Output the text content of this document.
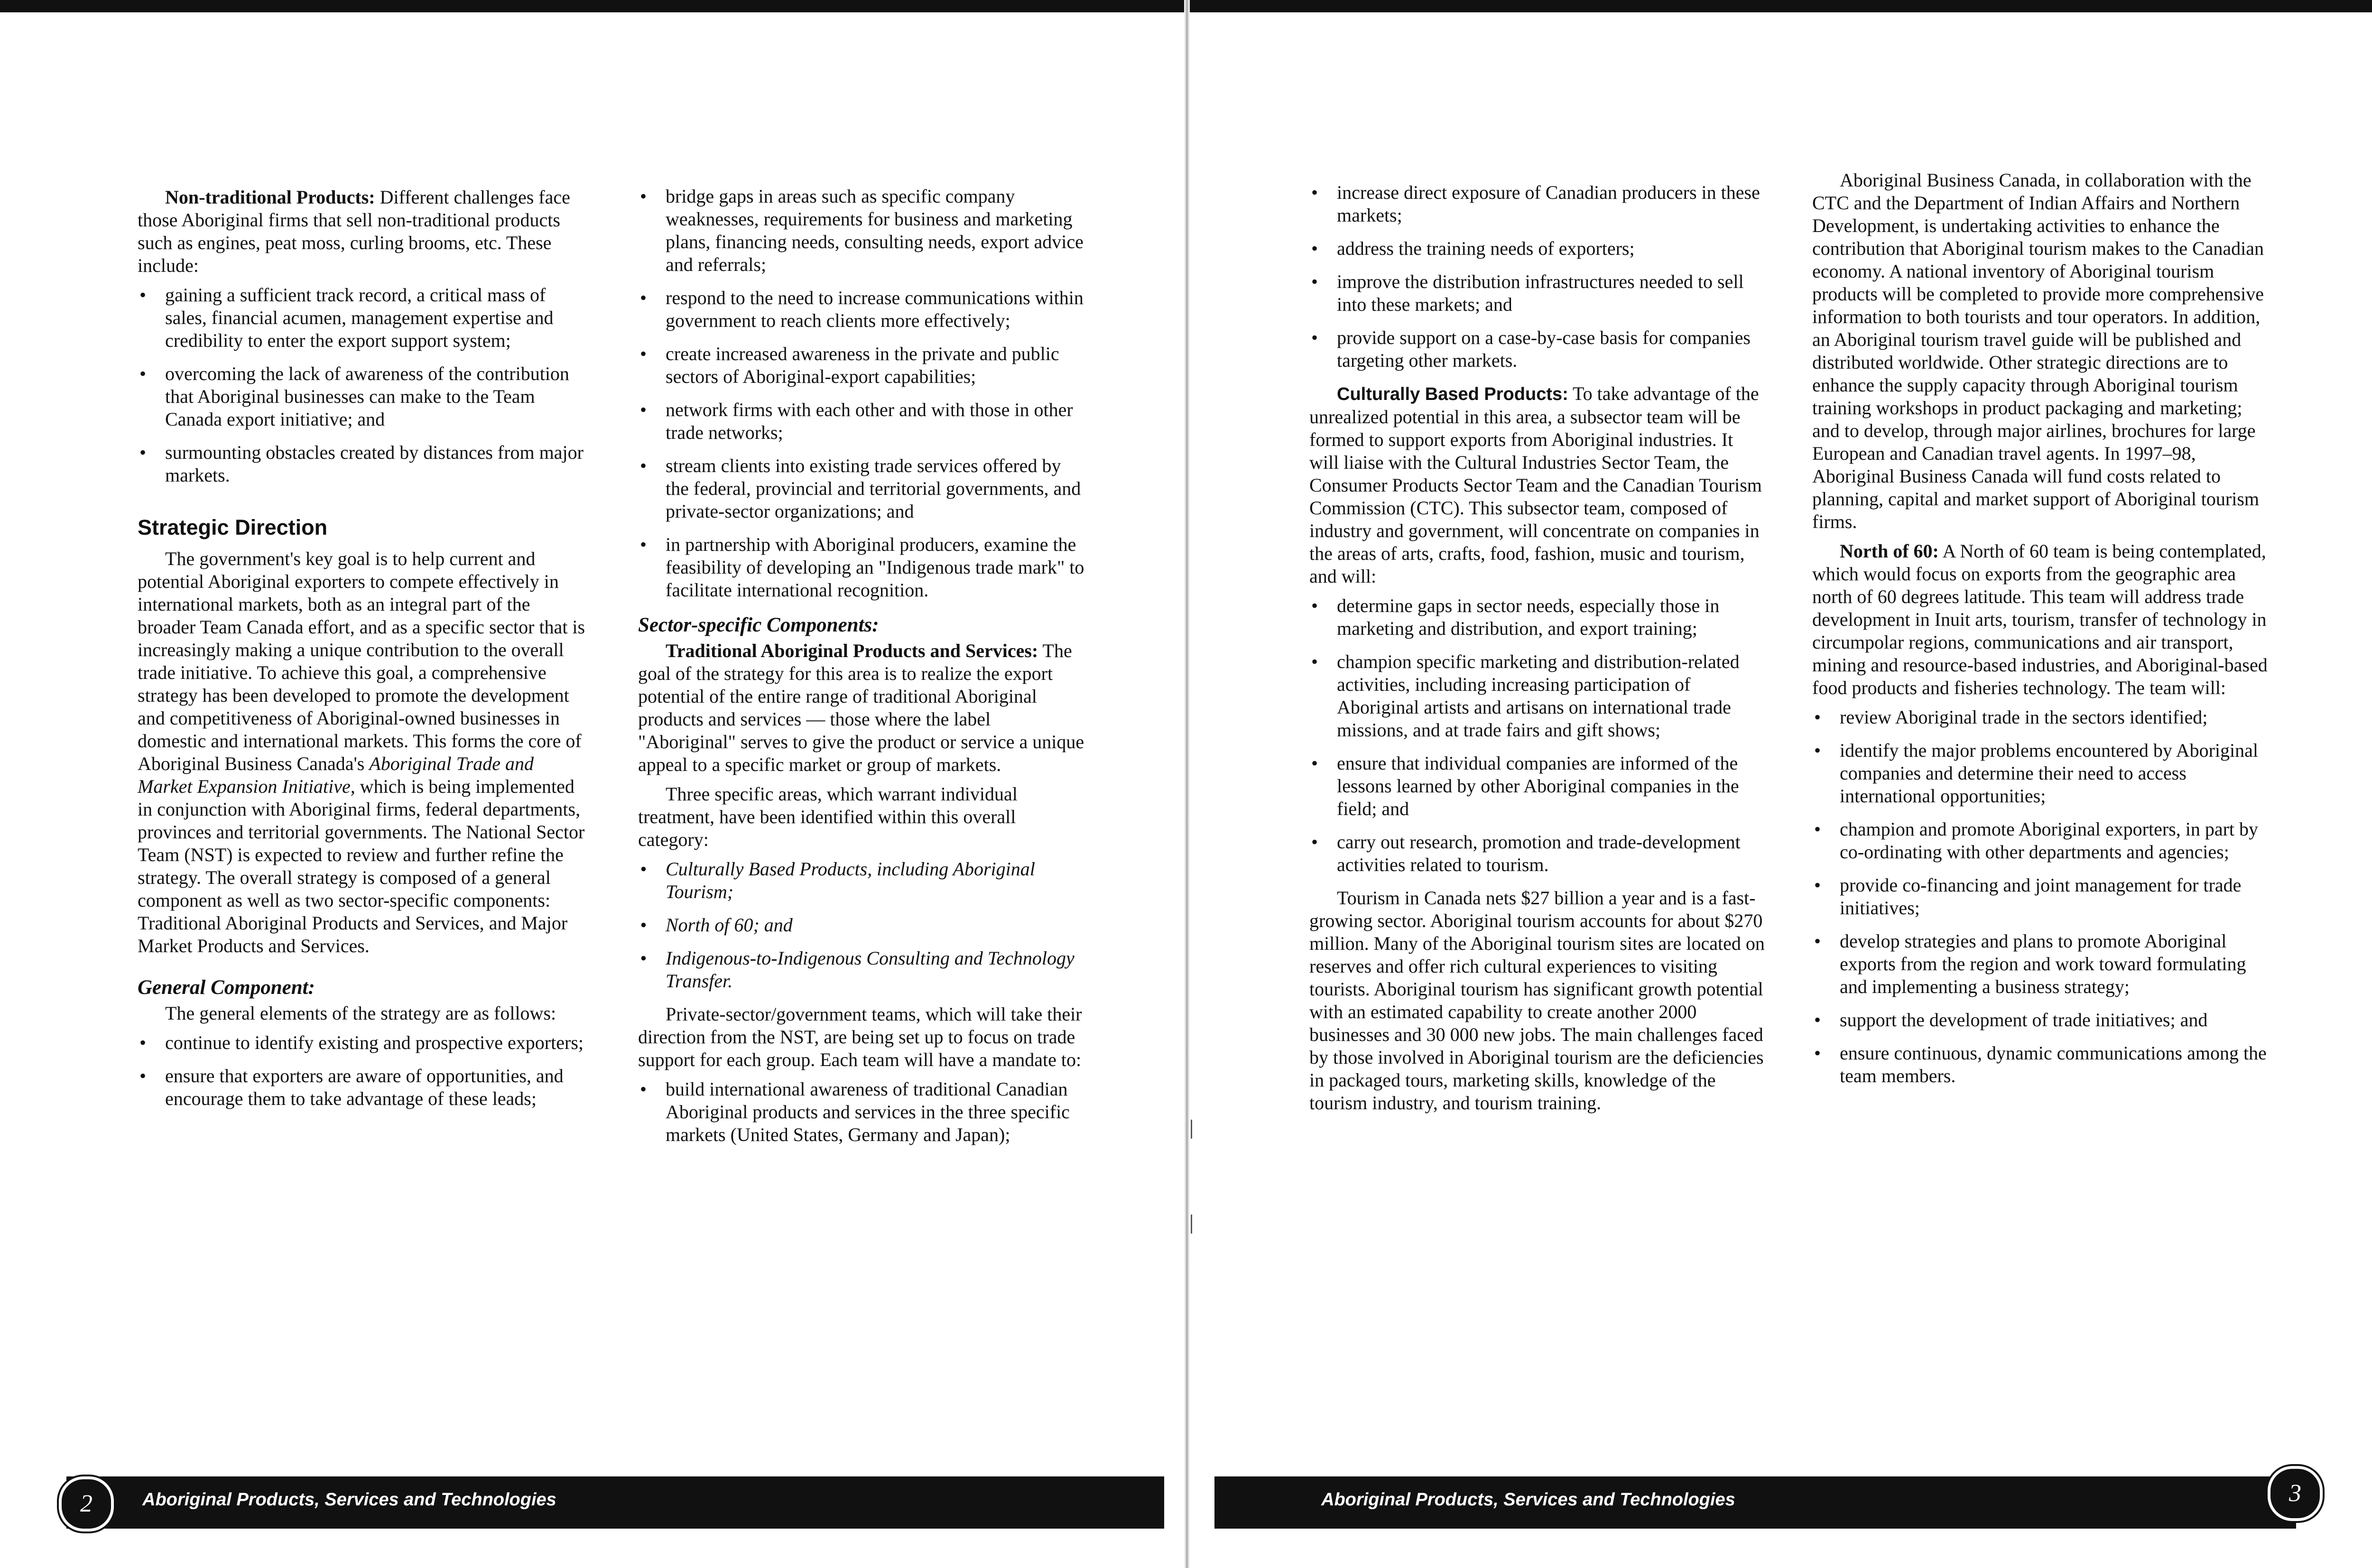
Non-traditional Products: Different challenges face those Aboriginal firms that sell non-traditional products such as engines, peat moss, curling brooms, etc. These include:

• gaining a sufficient track record, a critical mass of sales, financial acumen, management expertise and credibility to enter the export support system;
• overcoming the lack of awareness of the contribution that Aboriginal businesses can make to the Team Canada export initiative; and
• surmounting obstacles created by distances from major markets.
Strategic Direction

The government's key goal is to help current and potential Aboriginal exporters to compete effectively in international markets, both as an integral part of the broader Team Canada effort, and as a specific sector that is increasingly making a unique contribution to the overall trade initiative. To achieve this goal, a comprehensive strategy has been developed to promote the development and competitiveness of Aboriginal-owned businesses in domestic and international markets. This forms the core of Aboriginal Business Canada's Aboriginal Trade and Market Expansion Initiative, which is being implemented in conjunction with Aboriginal firms, federal departments, provinces and territorial governments. The National Sector Team (NST) is expected to review and further refine the strategy. The overall strategy is composed of a general component as well as two sector-specific components: Traditional Aboriginal Products and Services, and Major Market Products and Services.

General Component:

The general elements of the strategy are as follows:

• continue to identify existing and prospective exporters;
• ensure that exporters are aware of opportunities, and encourage them to take advantage of these leads;
• bridge gaps in areas such as specific company weaknesses, requirements for business and marketing plans, financing needs, consulting needs, export advice and referrals;
• respond to the need to increase communications within government to reach clients more effectively;
• create increased awareness in the private and public sectors of Aboriginal-export capabilities;
• network firms with each other and with those in other trade networks;
• stream clients into existing trade services offered by the federal, provincial and territorial governments, and private-sector organizations; and
• in partnership with Aboriginal producers, examine the feasibility of developing an "Indigenous trade mark" to facilitate international recognition.
Sector-specific Components:

Traditional Aboriginal Products and Services: The goal of the strategy for this area is to realize the export potential of the entire range of traditional Aboriginal products and services — those where the label "Aboriginal" serves to give the product or service a unique appeal to a specific market or group of markets.

Three specific areas, which warrant individual treatment, have been identified within this overall category:

• Culturally Based Products, including Aboriginal Tourism;
• North of 60; and
• Indigenous-to-Indigenous Consulting and Technology Transfer.

Private-sector/government teams, which will take their direction from the NST, are being set up to focus on trade support for each group. Each team will have a mandate to:

• build international awareness of traditional Canadian Aboriginal products and services in the three specific markets (United States, Germany and Japan);
• increase direct exposure of Canadian producers in these markets;
• address the training needs of exporters;
• improve the distribution infrastructures needed to sell into these markets; and
• provide support on a case-by-case basis for companies targeting other markets.

Culturally Based Products: To take advantage of the unrealized potential in this area, a subsector team will be formed to support exports from Aboriginal industries. It will liaise with the Cultural Industries Sector Team, the Consumer Products Sector Team and the Canadian Tourism Commission (CTC). This subsector team, composed of industry and government, will concentrate on companies in the areas of arts, crafts, food, fashion, music and tourism, and will:

• determine gaps in sector needs, especially those in marketing and distribution, and export training;
• champion specific marketing and distribution-related activities, including increasing participation of Aboriginal artists and artisans on international trade missions, and at trade fairs and gift shows;
• ensure that individual companies are informed of the lessons learned by other Aboriginal companies in the field; and
• carry out research, promotion and trade-development activities related to tourism.

Tourism in Canada nets $27 billion a year and is a fast-growing sector. Aboriginal tourism accounts for about $270 million. Many of the Aboriginal tourism sites are located on reserves and offer rich cultural experiences to visiting tourists. Aboriginal tourism has significant growth potential with an estimated capability to create another 2000 businesses and 30 000 new jobs. The main challenges faced by those involved in Aboriginal tourism are the deficiencies in packaged tours, marketing skills, knowledge of the tourism industry, and tourism training.

Aboriginal Business Canada, in collaboration with the CTC and the Department of Indian Affairs and Northern Development, is undertaking activities to enhance the contribution that Aboriginal tourism makes to the Canadian economy. A national inventory of Aboriginal tourism products will be completed to provide more comprehensive information to both tourists and tour operators. In addition, an Aboriginal tourism travel guide will be published and distributed worldwide. Other strategic directions are to enhance the supply capacity through Aboriginal tourism training workshops in product packaging and marketing; and to develop, through major airlines, brochures for large European and Canadian travel agents. In 1997–98, Aboriginal Business Canada will fund costs related to planning, capital and market support of Aboriginal tourism firms.

North of 60: A North of 60 team is being contemplated, which would focus on exports from the geographic area north of 60 degrees latitude. This team will address trade development in Inuit arts, tourism, transfer of technology in circumpolar regions, communications and air transport, mining and resource-based industries, and Aboriginal-based food products and fisheries technology. The team will:

• review Aboriginal trade in the sectors identified;
• identify the major problems encountered by Aboriginal companies and determine their need to access international opportunities;
• champion and promote Aboriginal exporters, in part by co-ordinating with other departments and agencies;
• provide co-financing and joint management for trade initiatives;
• develop strategies and plans to promote Aboriginal exports from the region and work toward formulating and implementing a business strategy;
• support the development of trade initiatives; and
• ensure continuous, dynamic communications among the team members.
Aboriginal Products, Services and Technologies
2	Aboriginal Products, Services and Technologies	3
